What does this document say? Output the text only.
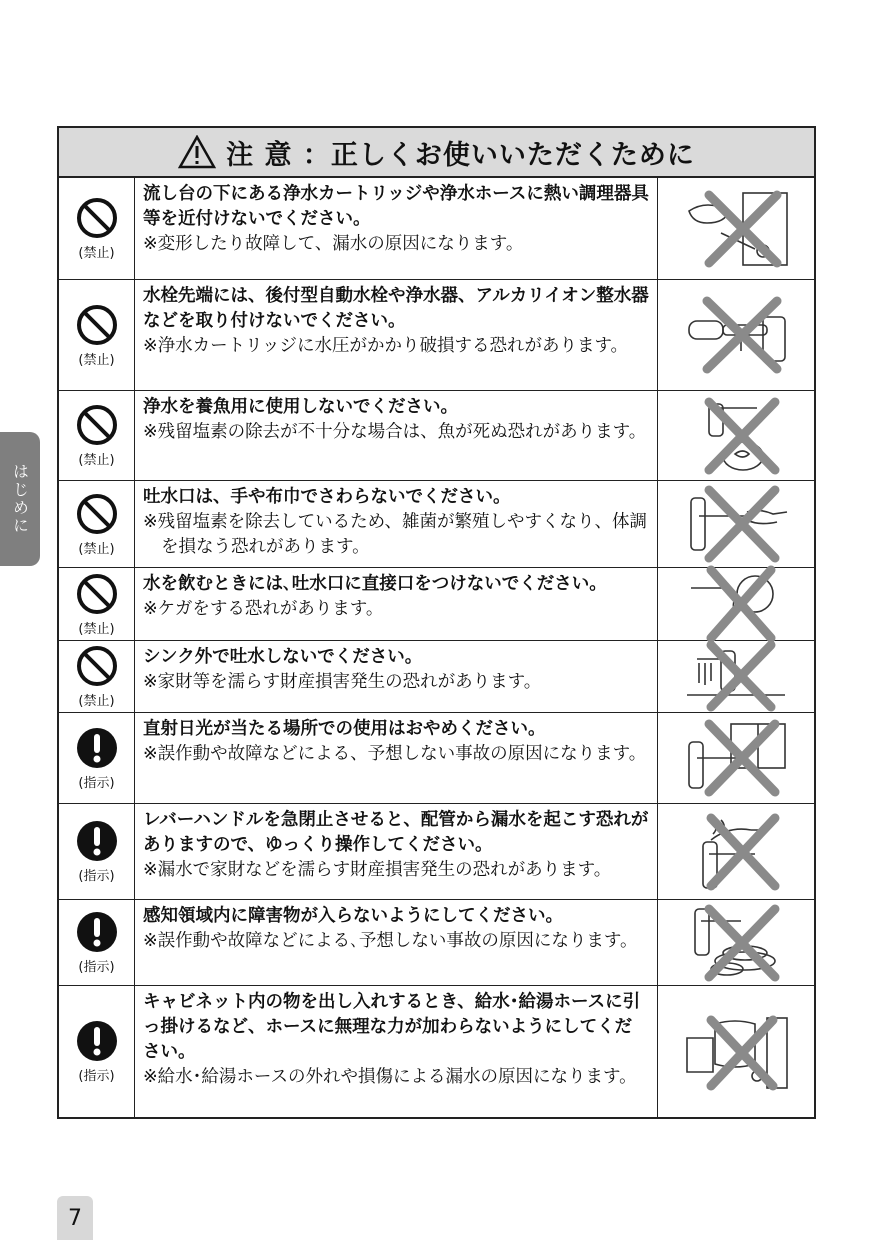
はじめに
注 意 ：正しくお使いいただくために
(禁止)
流し台の下にある浄水カートリッジや浄水ホースに熱い調理器具等を近付けないでください。
※変形したり故障して、漏水の原因になります。
(禁止)
水栓先端には、後付型自動水栓や浄水器、アルカリイオン整水器などを取り付けないでください。
※浄水カートリッジに水圧がかかり破損する恐れがあります。
(禁止)
浄水を養魚用に使用しないでください。
※残留塩素の除去が不十分な場合は、魚が死ぬ恐れがあります。
(禁止)
吐水口は、手や布巾でさわらないでください。
※残留塩素を除去しているため、雑菌が繁殖しやすくなり、体調を損なう恐れがあります。
(禁止)
水を飲むときには､吐水口に直接口をつけないでください｡
※ケガをする恐れがあります。
(禁止)
シンク外で吐水しないでください。
※家財等を濡らす財産損害発生の恐れがあります。
(指示)
直射日光が当たる場所での使用はおやめください。
※誤作動や故障などによる、予想しない事故の原因になります。
(指示)
レバーハンドルを急閉止させると、配管から漏水を起こす恐れがありますので、ゆっくり操作してください。
※漏水で家財などを濡らす財産損害発生の恐れがあります。
(指示)
感知領域内に障害物が入らないようにしてください。
※誤作動や故障などによる､予想しない事故の原因になります。
(指示)
キャビネット内の物を出し入れするとき、給水･給湯ホースに引っ掛けるなど、ホースに無理な力が加わらないようにしてください。
※給水･給湯ホースの外れや損傷による漏水の原因になります。
7
